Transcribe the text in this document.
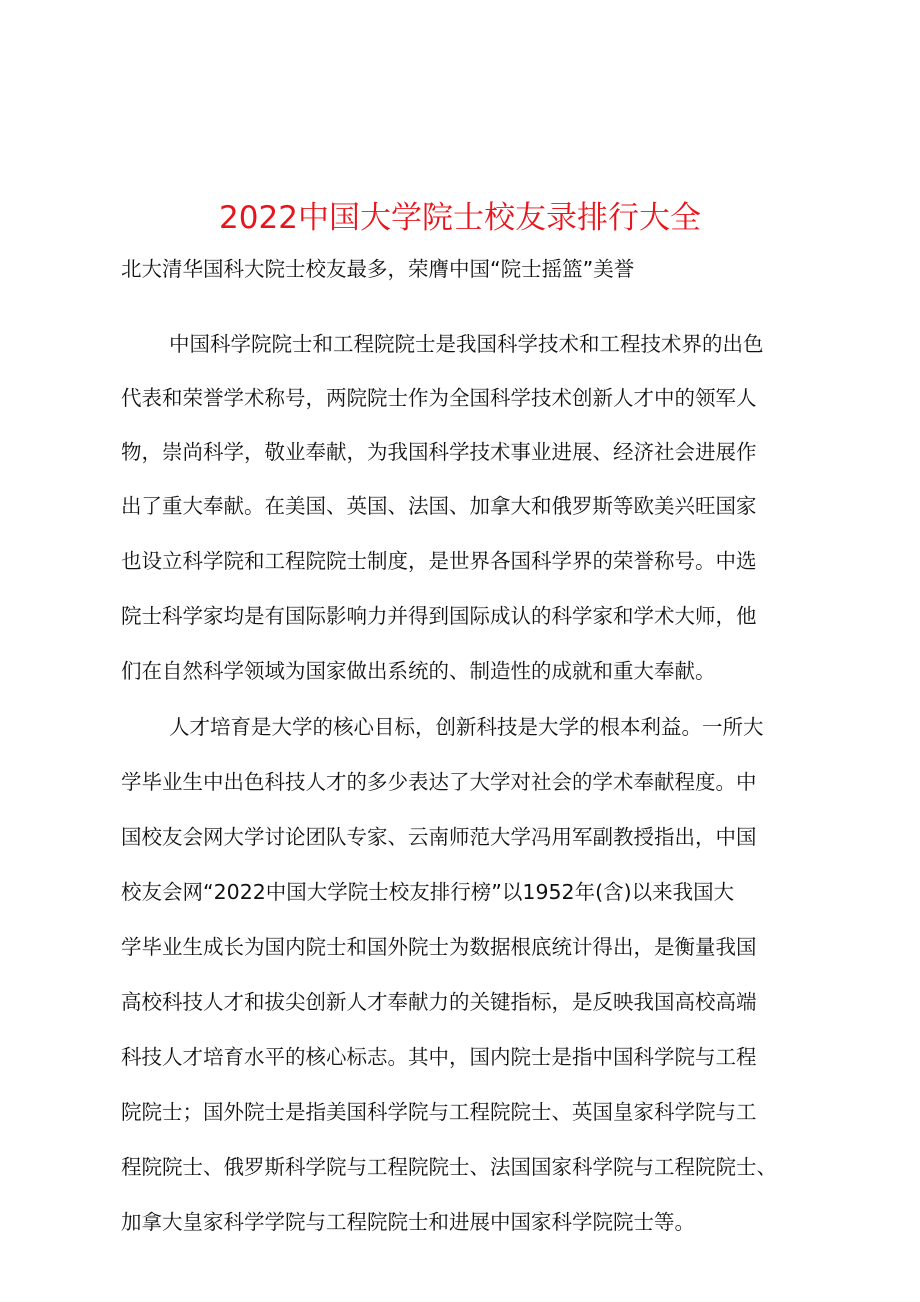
2022中国大学院士校友录排行大全
北大清华国科大院士校友最多，荣膺中国“院士摇篮”美誉
中国科学院院士和工程院院士是我国科学技术和工程技术界的出色
代表和荣誉学术称号，两院院士作为全国科学技术创新人才中的领军人
物，崇尚科学，敬业奉献，为我国科学技术事业进展、经济社会进展作
出了重大奉献。在美国、英国、法国、加拿大和俄罗斯等欧美兴旺国家
也设立科学院和工程院院士制度，是世界各国科学界的荣誉称号。中选
院士科学家均是有国际影响力并得到国际成认的科学家和学术大师，他
们在自然科学领域为国家做出系统的、制造性的成就和重大奉献。
人才培育是大学的核心目标，创新科技是大学的根本利益。一所大
学毕业生中出色科技人才的多少表达了大学对社会的学术奉献程度。中
国校友会网大学讨论团队专家、云南师范大学冯用军副教授指出，中国
校友会网“2022中国大学院士校友排行榜”以1952年(含)以来我国大
学毕业生成长为国内院士和国外院士为数据根底统计得出，是衡量我国
高校科技人才和拔尖创新人才奉献力的关键指标，是反映我国高校高端
科技人才培育水平的核心标志。其中，国内院士是指中国科学院与工程
院院士；国外院士是指美国科学院与工程院院士、英国皇家科学院与工
程院院士、俄罗斯科学院与工程院院士、法国国家科学院与工程院院士、
加拿大皇家科学学院与工程院院士和进展中国家科学院院士等。
